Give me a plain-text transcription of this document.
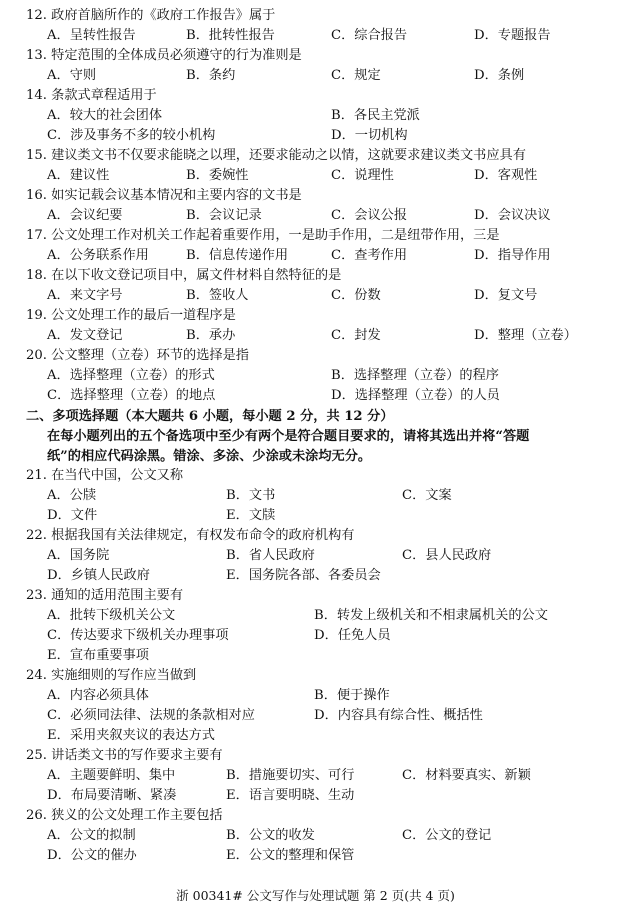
12. 政府首脑所作的《政府工作报告》属于
A．呈转性报告	B．批转性报告	C．综合报告	D．专题报告
13. 特定范围的全体成员必须遵守的行为准则是
A．守则	B．条约	C．规定	D．条例
14. 条款式章程适用于
A．较大的社会团体	B．各民主党派
C．涉及事务不多的较小机构	D．一切机构
15. 建议类文书不仅要求能晓之以理，还要求能动之以情，这就要求建议类文书应具有
A．建议性	B．委婉性	C．说理性	D．客观性
16. 如实记载会议基本情况和主要内容的文书是
A．会议纪要	B．会议记录	C．会议公报	D．会议决议
17. 公文处理工作对机关工作起着重要作用，一是助手作用，二是纽带作用，三是
A．公务联系作用	B．信息传递作用	C．查考作用	D．指导作用
18. 在以下收文登记项目中，属文件材料自然特征的是
A．来文字号	B．签收人	C．份数	D．复文号
19. 公文处理工作的最后一道程序是
A．发文登记	B．承办	C．封发	D．整理（立卷）
20. 公文整理（立卷）环节的选择是指
A．选择整理（立卷）的形式	B．选择整理（立卷）的程序
C．选择整理（立卷）的地点	D．选择整理（立卷）的人员
二、多项选择题（本大题共 6 小题，每小题 2 分，共 12 分）
在每小题列出的五个备选项中至少有两个是符合题目要求的，请将其选出并将“答题
纸”的相应代码涂黑。错涂、多涂、少涂或未涂均无分。
21. 在当代中国，公文又称
A．公牍	B．文书	C．文案
D．文件	E．文牍
22. 根据我国有关法律规定，有权发布命令的政府机构有
A．国务院	B．省人民政府	C．县人民政府
D．乡镇人民政府	E．国务院各部、各委员会
23. 通知的适用范围主要有
A．批转下级机关公文	B．转发上级机关和不相隶属机关的公文
C．传达要求下级机关办理事项	D．任免人员
E．宣布重要事项
24. 实施细则的写作应当做到
A．内容必须具体	B．便于操作
C．必须同法律、法规的条款相对应	D．内容具有综合性、概括性
E．采用夹叙夹议的表达方式
25. 讲话类文书的写作要求主要有
A．主题要鲜明、集中	B．措施要切实、可行	C．材料要真实、新颖
D．布局要清晰、紧凑	E．语言要明晓、生动
26. 狭义的公文处理工作主要包括
A．公文的拟制	B．公文的收发	C．公文的登记
D．公文的催办	E．公文的整理和保管
浙 00341# 公文写作与处理试题 第 2 页(共 4 页)
